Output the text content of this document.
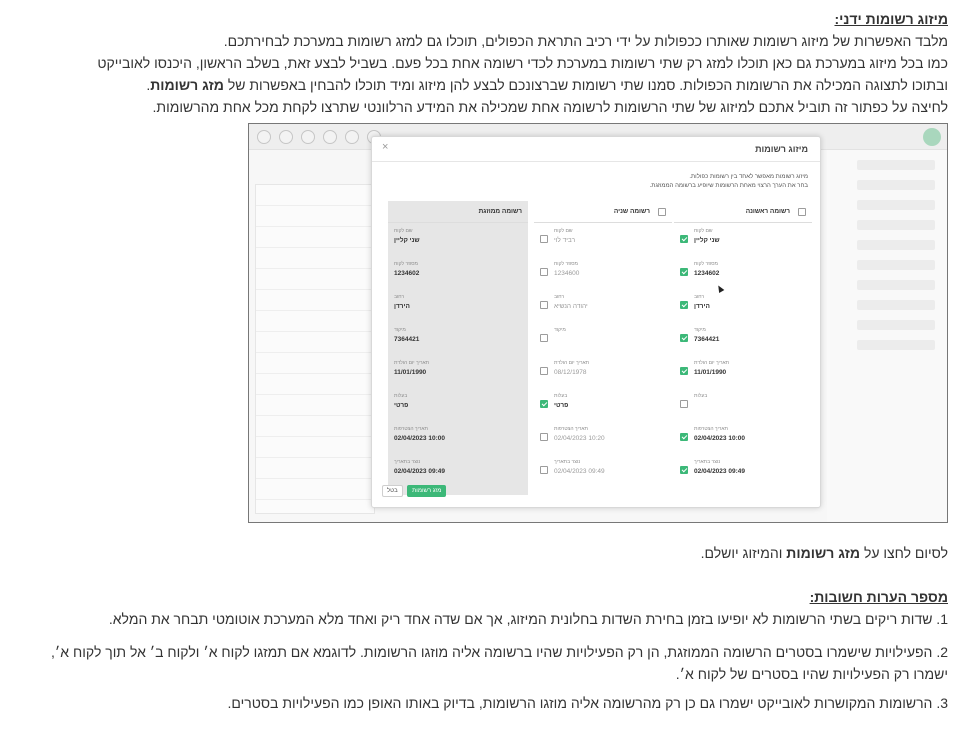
מיזוג רשומות ידני:
מלבד האפשרות של מיזוג רשומות שאותרו ככפולות על ידי רכיב התראת הכפולים, תוכלו גם למזג רשומות במערכת לבחירתכם.
כמו בכל מיזוג במערכת גם כאן תוכלו למזג רק שתי רשומות במערכת לכדי רשומה אחת בכל פעם. בשביל לבצע זאת, בשלב הראשון, היכנסו לאובייקט
ובתוכו לתצוגה המכילה את הרשומות הכפולות. סמנו שתי רשומות שברצונכם לבצע להן מיזוג ומיד תוכלו להבחין באפשרות של מזג רשומות.
לחיצה על כפתור זה תוביל אתכם למיזוג של שתי הרשומות לרשומה אחת שמכילה את המידע הרלוונטי שתרצו לקחת מכל אחת מהרשומות.
מיזוג רשומות
×
מיזוג רשומות מאפשר לאחד בין רשומות כפולות.
בחר את הערך הרצוי מאחת הרשומות שיופיע ברשומה הממוזגת.
רשומה ראשונה
שם לקוח
שני קליין
מספר לקוח
1234602
רחוב
הירדן
מיקוד
7364421
תאריך יום הולדת
11/01/1990
בעלות
תאריך הצטרפות
10:00 02/04/2023
נוצר בתאריך
09:49 02/04/2023
רשומה שניה
שם לקוח
רביד לוי
מספר לקוח
1234600
רחוב
יהודה הנשיא
מיקוד
תאריך יום הולדת
08/12/1978
בעלות
פרטי
תאריך הצטרפות
10:20 02/04/2023
נוצר בתאריך
09:49 02/04/2023
רשומה ממוזגת
שם לקוח
שני קליין
מספר לקוח
1234602
רחוב
הירדן
מיקוד
7364421
תאריך יום הולדת
11/01/1990
בעלות
פרטי
תאריך הצטרפות
10:00 02/04/2023
נוצר בתאריך
09:49 02/04/2023
מזג רשומות בטל
לסיום לחצו על מזג רשומות והמיזוג יושלם.
מספר הערות חשובות:
1. שדות ריקים בשתי הרשומות לא יופיעו בזמן בחירת השדות בחלונית המיזוג, אך אם שדה אחד ריק ואחד מלא המערכת אוטומטי תבחר את המלא.
2. הפעילויות שישמרו בסטרים הרשומה הממוזגת, הן רק הפעילויות שהיו ברשומה אליה מוזגו הרשומות. לדוגמא אם תמזגו לקוח א׳ ולקוח ב׳ אל תוך לקוח א׳, ישמרו רק הפעילויות שהיו בסטרים של לקוח א׳.
3. הרשומות המקושרות לאובייקט ישמרו גם כן רק מהרשומה אליה מוזגו הרשומות, בדיוק באותו האופן כמו הפעילויות בסטרים.
